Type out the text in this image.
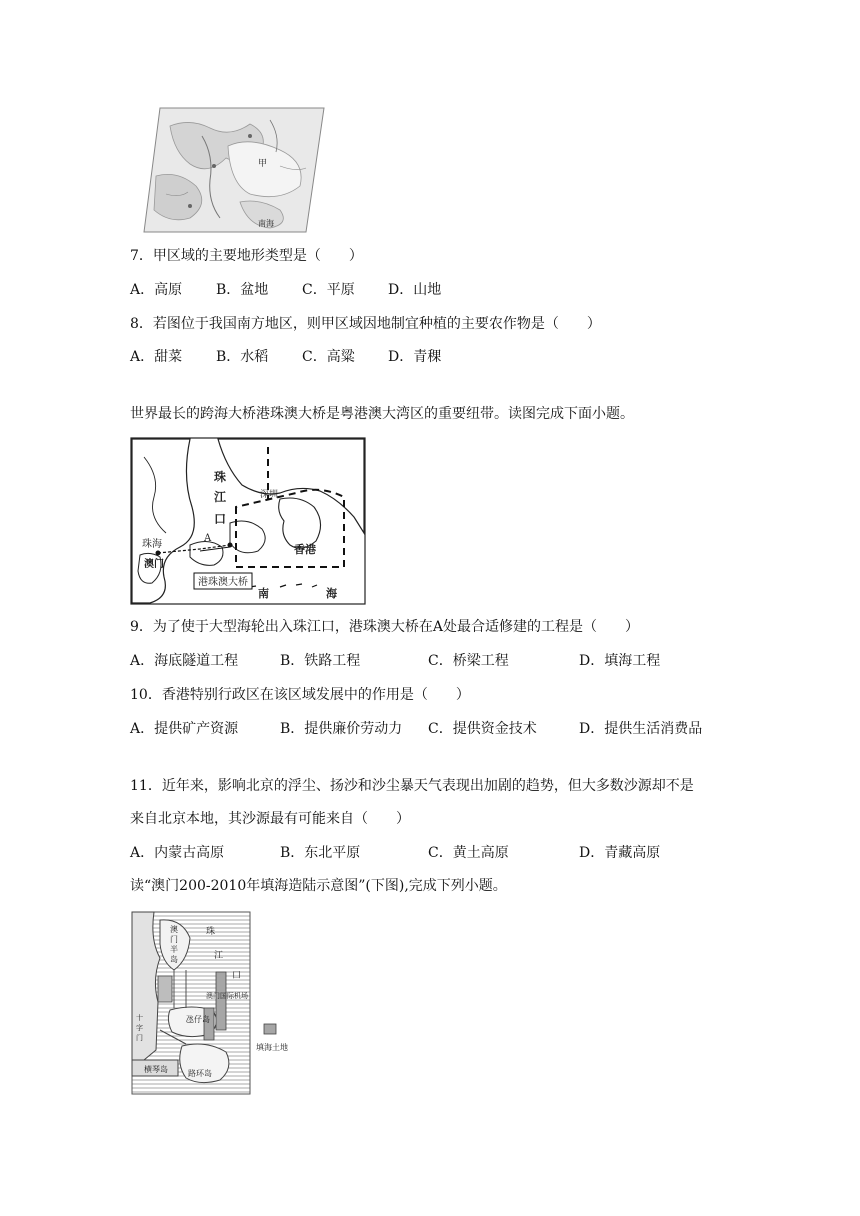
甲
南海
7．甲区域的主要地形类型是（　　）
A．高原 B．盆地 C．平原 D．山地
8．若图位于我国南方地区，则甲区域因地制宜种植的主要农作物是（　　）
A．甜菜 B．水稻 C．高粱 D．青稞
世界最长的跨海大桥港珠澳大桥是粤港澳大湾区的重要纽带。读图完成下面小题。
珠
江
口
深圳
珠海
澳门
A
香港
港珠澳大桥
南	海
9．为了使于大型海轮出入珠江口，港珠澳大桥在A处最合适修建的工程是（　　）
A．海底隧道工程	B．铁路工程	C．桥梁工程	D．填海工程
10．香港特别行政区在该区域发展中的作用是（　　）
A．提供矿产资源	B．提供廉价劳动力 C．提供资金技术	D．提供生活消费品
11．近年来，影响北京的浮尘、扬沙和沙尘暴天气表现出加剧的趋势，但大多数沙源却不是
来自北京本地，其沙源最有可能来自（　　）
A．内蒙古高原	B．东北平原	C．黄土高原	D．青藏高原
读“澳门200-2010年填海造陆示意图”(下图),完成下列小题。
澳
门
半
岛
珠
江
口
澳门国际机场
氹仔岛
横琴岛	路环岛
十
字
门
填海土地
